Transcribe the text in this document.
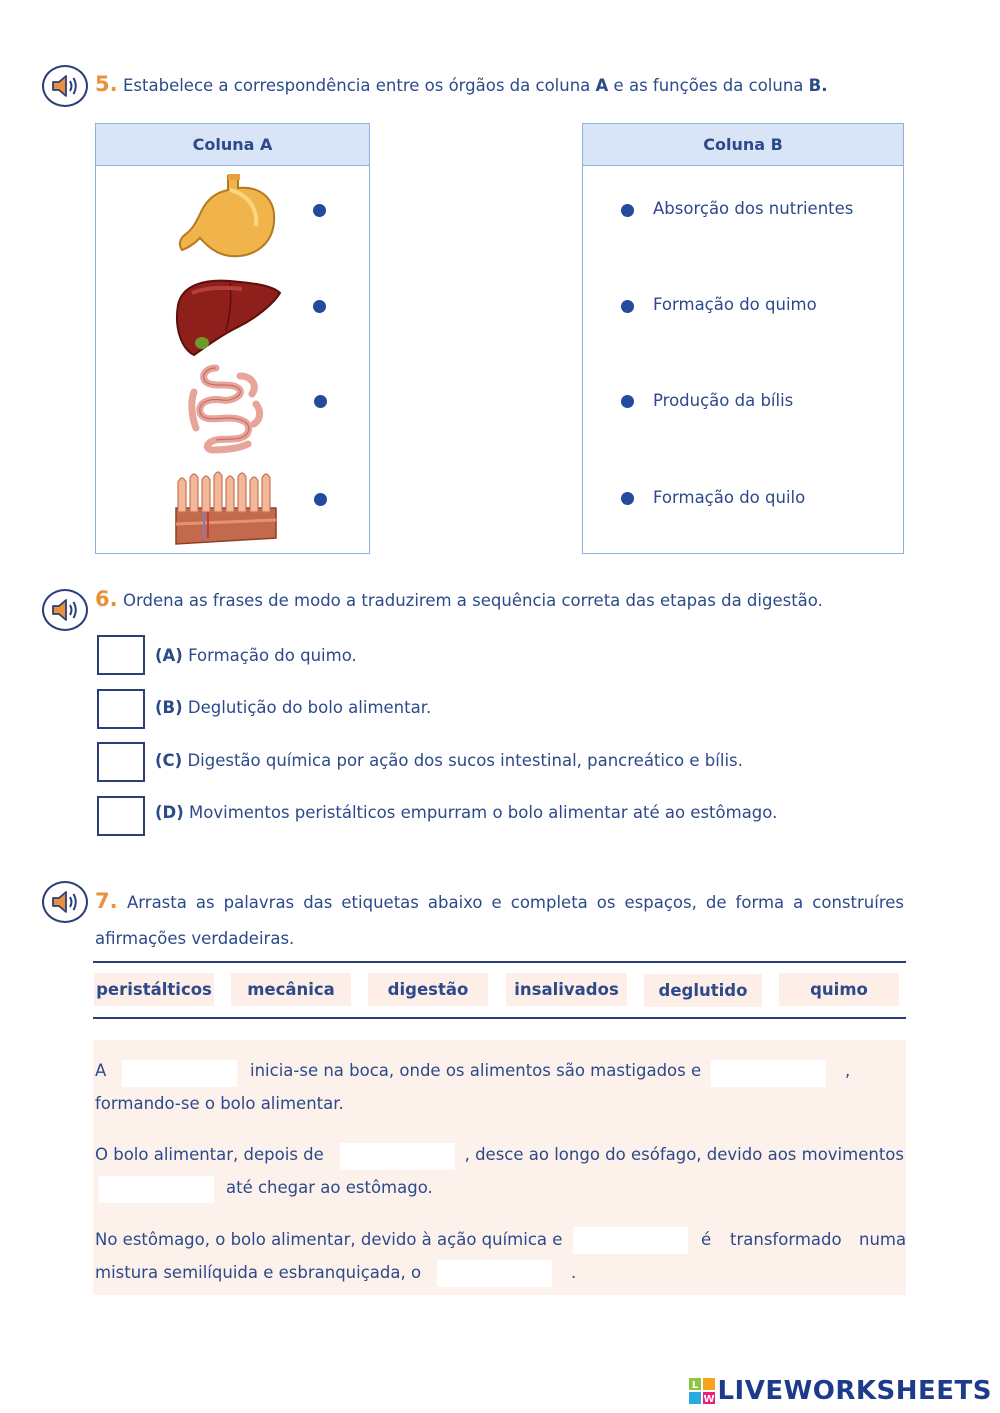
5. Estabelece a correspondência entre os órgãos da coluna A e as funções da coluna B.
Coluna A	Coluna B
Absorção dos nutrientes
Formação do quimo
Produção da bílis
Formação do quilo
6. Ordena as frases de modo a traduzirem a sequência correta das etapas da digestão.
(A) Formação do quimo.
(B) Deglutição do bolo alimentar.
(C) Digestão química por ação dos sucos intestinal, pancreático e bílis.
(D) Movimentos peristálticos empurram o bolo alimentar até ao estômago.
7. Arrasta as palavras das etiquetas abaixo e completa os espaços, de forma a construíres
afirmações verdadeiras.
peristálticos	mecânica	digestão	insalivados	deglutido	quimo
A	inicia-se na boca, onde os alimentos são mastigados e	,
formando-se o bolo alimentar.
O bolo alimentar, depois de	, desce ao longo do esófago, devido aos movimentos
até chegar ao estômago.
No estômago, o bolo alimentar, devido à ação química e	é transformado numa
mistura semilíquida e esbranquiçada, o	.
L
W LIVEWORKSHEETS
